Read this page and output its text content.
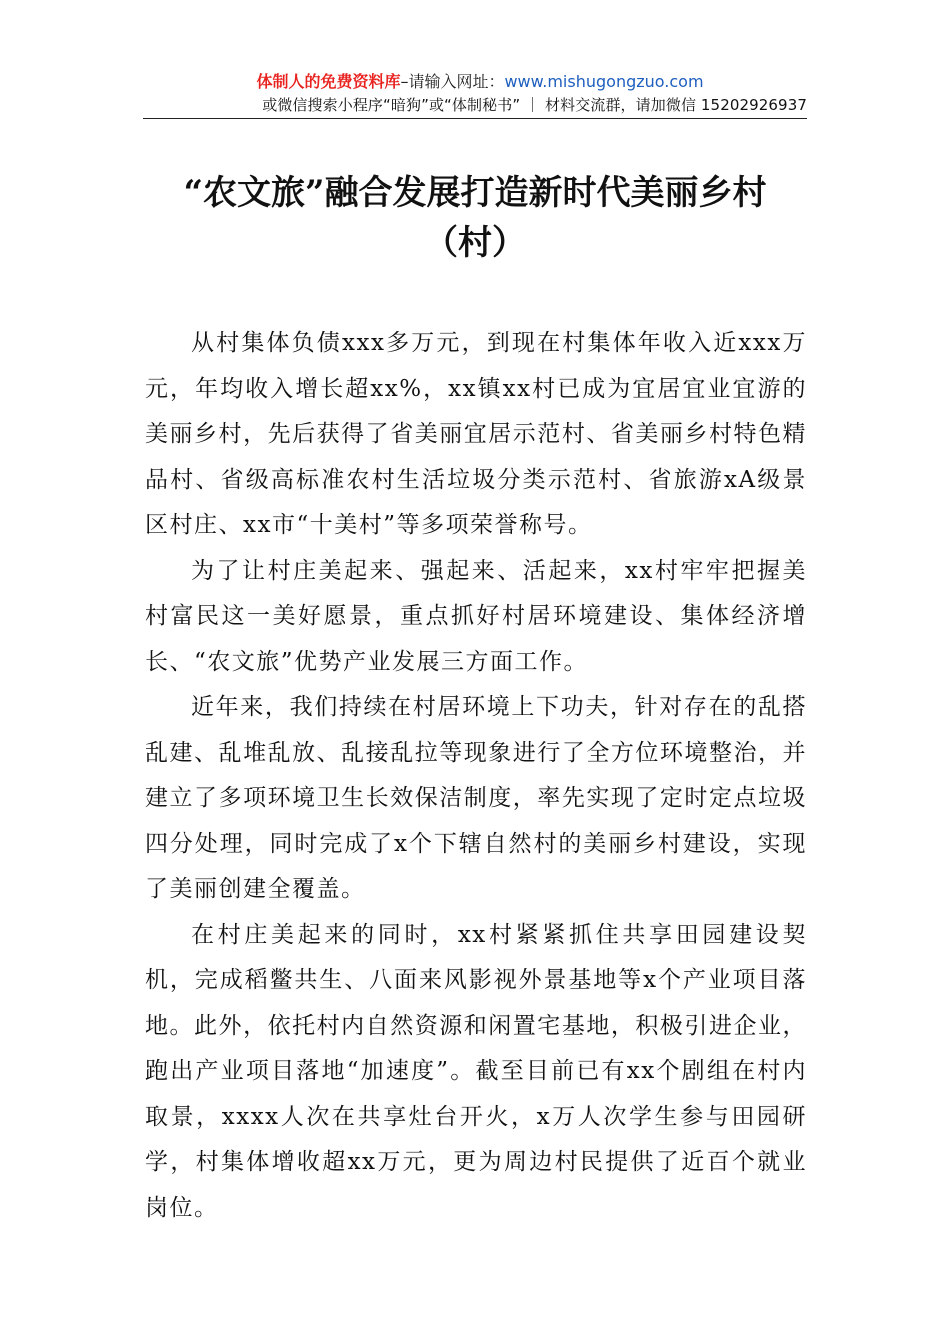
体制人的免费资料库–请输入网址：www.mishugongzuo.com
或微信搜索小程序“暗狗”或“体制秘书” ｜ 材料交流群，请加微信 15202926937
“农文旅”融合发展打造新时代美丽乡村
（村）

从村集体负债xxx多万元，到现在村集体年收入近xxx万元，年均收入增长超xx%，xx镇xx村已成为宜居宜业宜游的美丽乡村，先后获得了省美丽宜居示范村、省美丽乡村特色精品村、省级高标准农村生活垃圾分类示范村、省旅游xA级景区村庄、xx市“十美村”等多项荣誉称号。

为了让村庄美起来、强起来、活起来，xx村牢牢把握美村富民这一美好愿景，重点抓好村居环境建设、集体经济增长、“农文旅”优势产业发展三方面工作。

近年来，我们持续在村居环境上下功夫，针对存在的乱搭乱建、乱堆乱放、乱接乱拉等现象进行了全方位环境整治，并建立了多项环境卫生长效保洁制度，率先实现了定时定点垃圾四分处理，同时完成了x个下辖自然村的美丽乡村建设，实现了美丽创建全覆盖。

在村庄美起来的同时，xx村紧紧抓住共享田园建设契机，完成稻鳖共生、八面来风影视外景基地等x个产业项目落地。此外，依托村内自然资源和闲置宅基地，积极引进企业，跑出产业项目落地“加速度”。截至目前已有xx个剧组在村内取景，xxxx人次在共享灶台开火，x万人次学生参与田园研学，村集体增收超xx万元，更为周边村民提供了近百个就业岗位。
